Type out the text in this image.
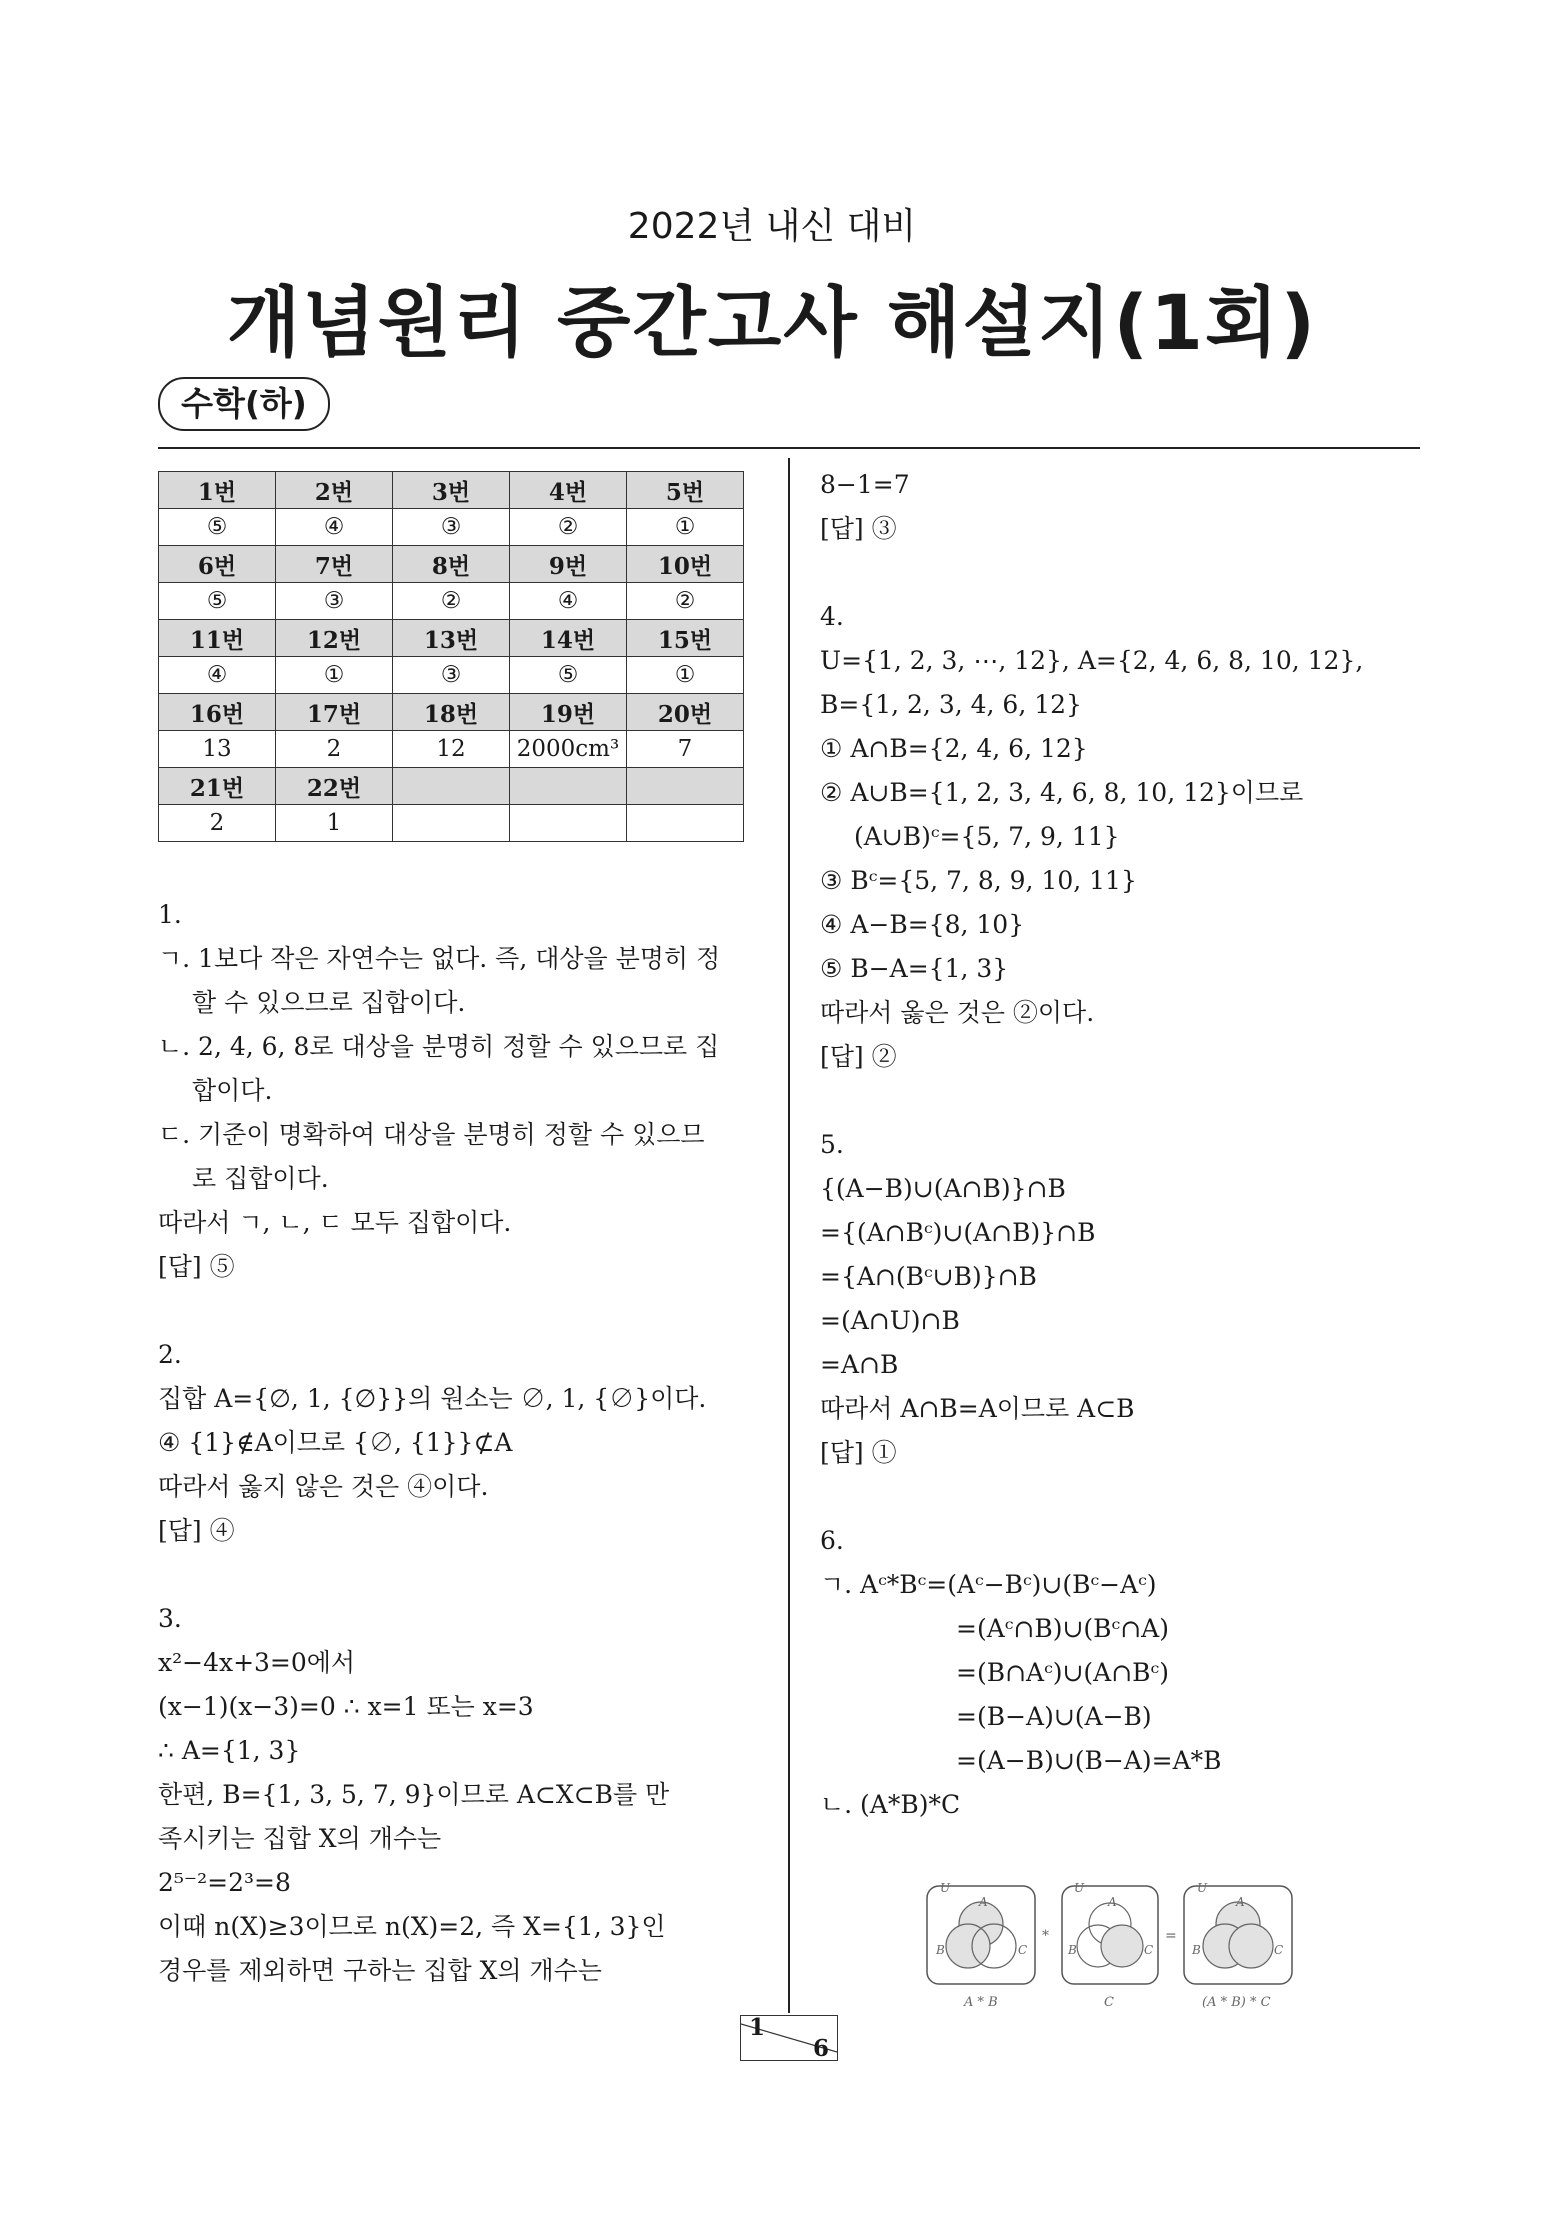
2022년 내신 대비
개념원리 중간고사 해설지(1회)
수학(하)
1번	2번	3번	4번	5번
⑤	④	③	②	①
6번	7번	8번	9번	10번
⑤	③	②	④	②
11번	12번	13번	14번	15번
④	①	③	⑤	①
16번	17번	18번	19번	20번
13	2	12	2000cm³	7
21번	22번			
2	1			
1.
ㄱ. 1보다 작은 자연수는 없다. 즉, 대상을 분명히 정
할 수 있으므로 집합이다.
ㄴ. 2, 4, 6, 8로 대상을 분명히 정할 수 있으므로 집
합이다.
ㄷ. 기준이 명확하여 대상을 분명히 정할 수 있으므
로 집합이다.
따라서 ㄱ, ㄴ, ㄷ 모두 집합이다.
[답] ⑤
2.
집합 A={∅, 1, {∅}}의 원소는 ∅, 1, {∅}이다.
④ {1}∉A이므로 {∅, {1}}⊄A
따라서 옳지 않은 것은 ④이다.
[답] ④
3.
x²−4x+3=0에서
(x−1)(x−3)=0 ∴ x=1 또는 x=3
∴ A={1, 3}
한편, B={1, 3, 5, 7, 9}이므로 A⊂X⊂B를 만
족시키는 집합 X의 개수는
2⁵⁻²=2³=8
이때 n(X)≥3이므로 n(X)=2, 즉 X={1, 3}인
경우를 제외하면 구하는 집합 X의 개수는
8−1=7
[답] ③
4.
U={1, 2, 3, ⋯, 12}, A={2, 4, 6, 8, 10, 12},
B={1, 2, 3, 4, 6, 12}
① A∩B={2, 4, 6, 12}
② A∪B={1, 2, 3, 4, 6, 8, 10, 12}이므로
(A∪B)ᶜ={5, 7, 9, 11}
③ Bᶜ={5, 7, 8, 9, 10, 11}
④ A−B={8, 10}
⑤ B−A={1, 3}
따라서 옳은 것은 ②이다.
[답] ②
5.
{(A−B)∪(A∩B)}∩B
={(A∩Bᶜ)∪(A∩B)}∩B
={A∩(Bᶜ∪B)}∩B
=(A∩U)∩B
=A∩B
따라서 A∩B=A이므로 A⊂B
[답] ①
6.
ㄱ. Aᶜ*Bᶜ=(Aᶜ−Bᶜ)∪(Bᶜ−Aᶜ)
=(Aᶜ∩B)∪(Bᶜ∩A)
=(B∩Aᶜ)∪(A∩Bᶜ)
=(B−A)∪(A−B)
=(A−B)∪(B−A)=A*B
ㄴ. (A*B)*C
U
A
B	C
A * B
*
U
A
B	C
C
=
U
A
B	C
(A * B) * C
1
6
